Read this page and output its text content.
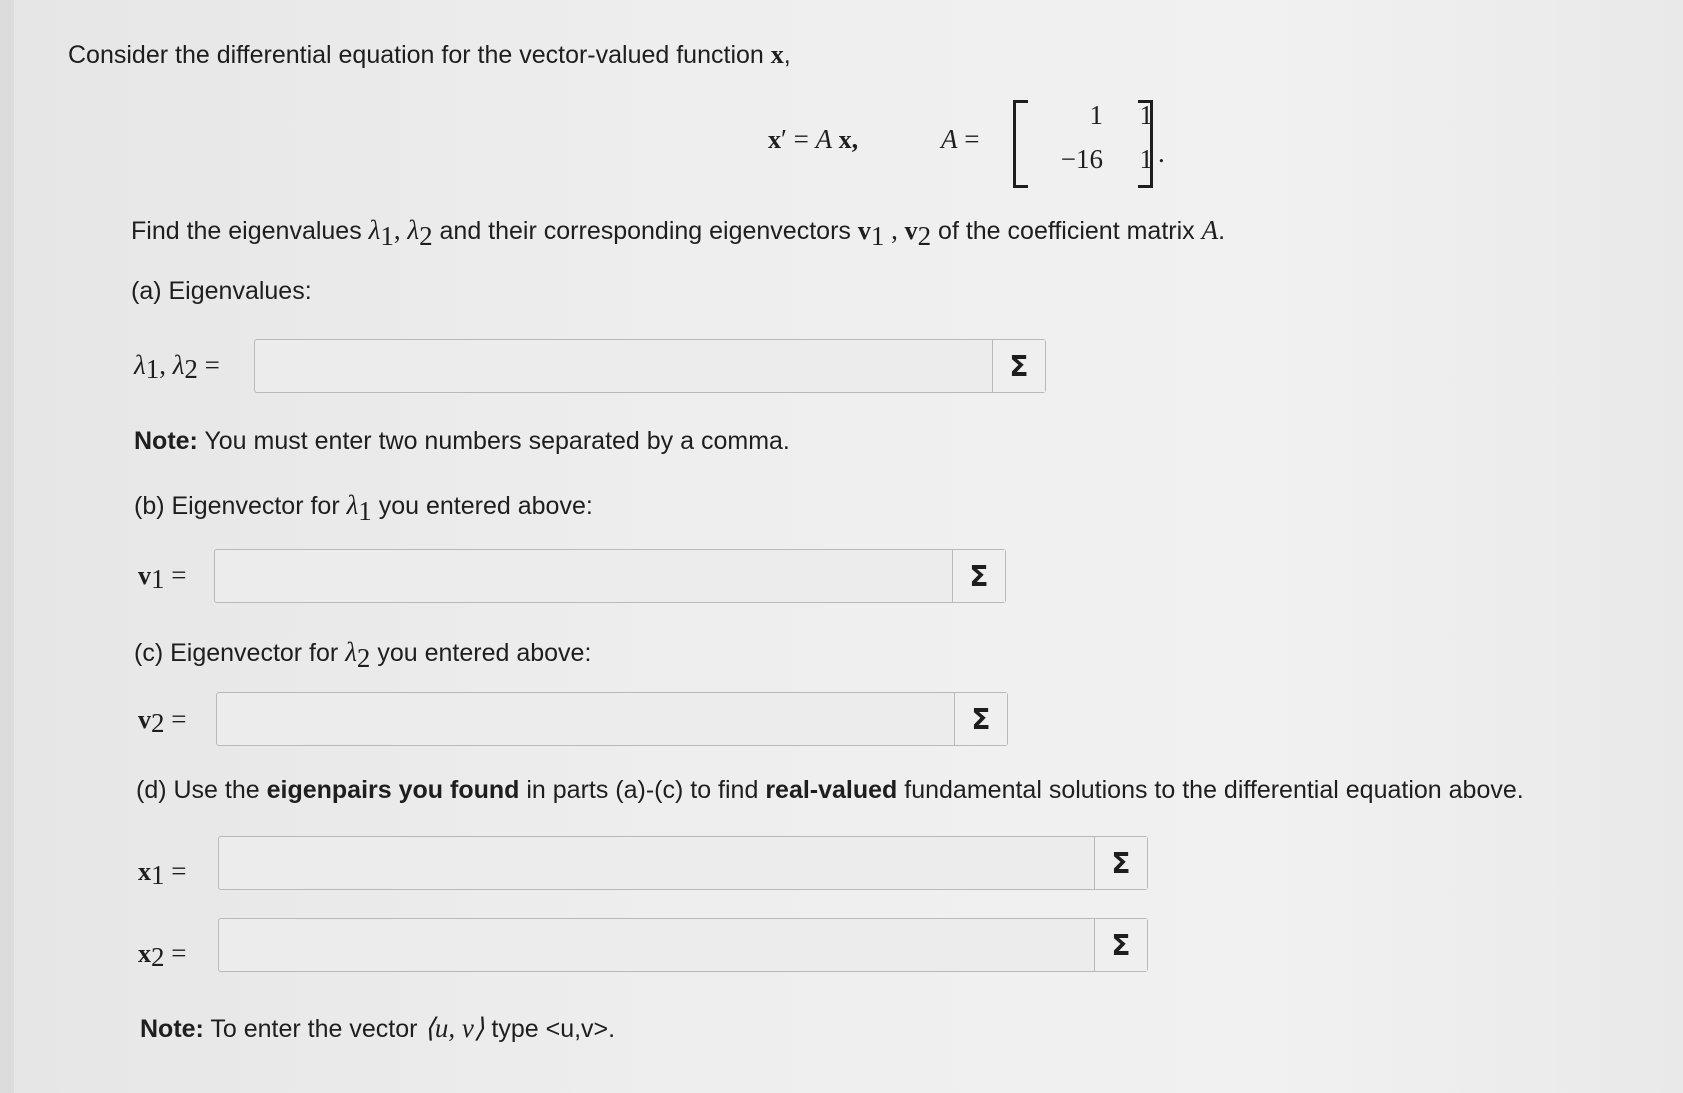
Consider the differential equation for the vector-valued function x,
x′ = A x,	A =
1	1
−16	1 .
Find the eigenvalues $\lambda_1$, $\lambda_2$ and their corresponding eigenvectors $v_1$ , $v_2$ of the coefficient matrix A.
(a) Eigenvalues:
$\lambda_1$, $\lambda_2$ =	Σ
Note: You must enter two numbers separated by a comma.
(b) Eigenvector for $\lambda_1$ you entered above:
$v_1$ =	Σ
(c) Eigenvector for $\lambda_2$ you entered above:
$v_2$ =	Σ
(d) Use the eigenpairs you found in parts (a)-(c) to find real-valued fundamental solutions to the differential equation above.
$x_1$ =	Σ
$x_2$ =	Σ
Note: To enter the vector ⟨u, v⟩ type <u,v>.
